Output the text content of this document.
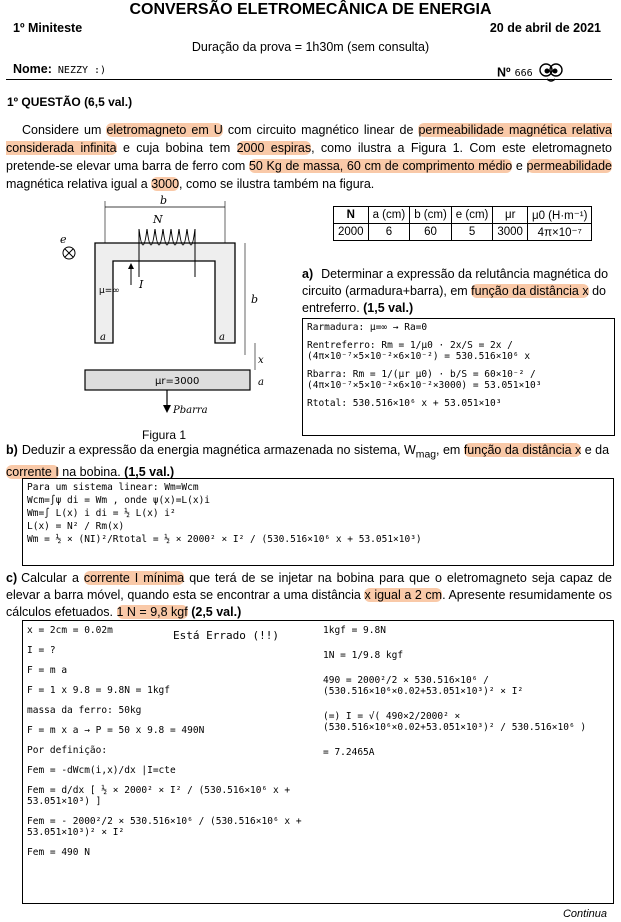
CONVERSÃO ELETROMECÂNICA DE ENERGIA
1º Miniteste	20 de abril de 2021
Duração da prova = 1h30m (sem consulta)
Nome: NEZZY :)	Nº 666
1º QUESTÃO (6,5 val.)
Considere um eletromagneto em U com circuito magnético linear de permeabilidade magnética relativa considerada infinita e cuja bobina tem 2000 espiras, como ilustra a Figura 1. Com este eletromagneto pretende-se elevar uma barra de ferro com 50 Kg de massa, 60 cm de comprimento médio e permeabilidade magnética relativa igual a 3000, como se ilustra também na figura.
b
N
e
I
μ=∞
b
a	a
x
μr=3000	a
Pbarra
Figura 1
N	a (cm)	b (cm)	e (cm)	μr	μ0 (H·m⁻¹)
2000	6	60	5	3000	4π×10⁻⁷
a) Determinar a expressão da relutância magnética do circuito (armadura+barra), em função da distância x do entreferro. (1,5 val.)
Rarmadura: μ=∞ → Ra=0
Rentreferro: Rm = 1/μ0 · 2x/S = 2x / (4π×10⁻⁷×5×10⁻²×6×10⁻²) = 530.516×10⁶ x
Rbarra: Rm = 1/(μr μ0) · b/S = 60×10⁻² / (4π×10⁻⁷×5×10⁻²×6×10⁻²×3000) = 53.051×10³
Rtotal: 530.516×10⁶ x + 53.051×10³
b) Deduzir a expressão da energia magnética armazenada no sistema, $W_{mag}$, em função da distância x e da corrente I na bobina. (1,5 val.)
Para um sistema linear: Wm=Wcm
Wcm=∫ψ di = Wm , onde ψ(x)=L(x)i
Wm=∫ L(x) i di = ½ L(x) i²
L(x) = N² / Rm(x)
Wm = ½ × (NI)²/Rtotal = ½ × 2000² × I² / (530.516×10⁶ x + 53.051×10³)
c) Calcular a corrente I mínima que terá de se injetar na bobina para que o eletromagneto seja capaz de elevar a barra móvel, quando esta se encontrar a uma distância x igual a 2 cm. Apresente resumidamente os cálculos efetuados. 1 N = 9,8 kgf (2,5 val.)
x = 2cm = 0.02m
I = ?
F = m a
F = 1 x 9.8 = 9.8N = 1kgf
massa da ferro: 50kg
F = m x a → P = 50 x 9.8 = 490N
Por definição:
Fem = -dWcm(i,x)/dx |I=cte
Fem = d/dx [ ½ × 2000² × I² / (530.516×10⁶ x + 53.051×10³) ]
Fem = - 2000²/2 × 530.516×10⁶ / (530.516×10⁶ x + 53.051×10³)² × I²
Fem = 490 N
1kgf = 9.8N
1N = 1/9.8 kgf
490 = 2000²/2 × 530.516×10⁶ / (530.516×10⁶×0.02+53.051×10³)² × I²
(=) I = √( 490×2/2000² × (530.516×10⁶×0.02+53.051×10³)² / 530.516×10⁶ )
= 7.2465A
Está Errado (!!)
Continua
